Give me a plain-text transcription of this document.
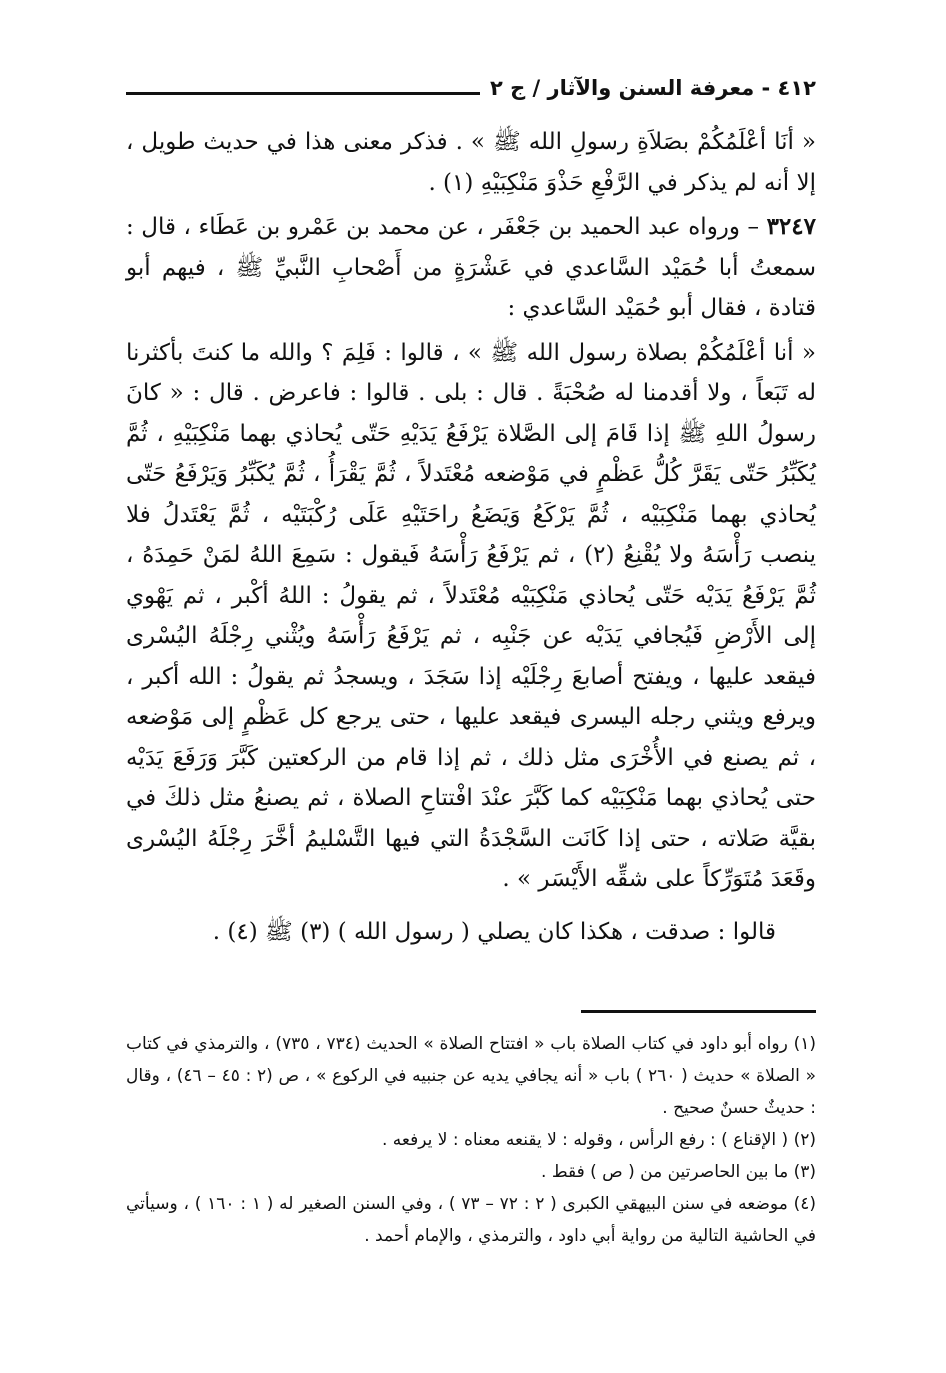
٤١٢ - معرفة السنن والآثار / ج ٢

« أنَا أعْلَمُكُمْ بصَلاَةِ رسولِ الله ﷺ » . فذكر معنى هذا في حديث طويل ، إلا أنه لم يذكر في الرَّفْعِ حَذْوَ مَنْكِبَيْهِ (١) .

٣٢٤٧ – ورواه عبد الحميد بن جَعْفَر ، عن محمد بن عَمْرو بن عَطَاء ، قال : سمعتُ أبا حُمَيْد السَّاعدي في عَشْرَةٍ من أَصْحابِ النَّبيِّ ﷺ ، فيهم أبو قتادة ، فقال أبو حُمَيْد السَّاعدي :

« أنا أعْلَمُكُمْ بصلاة رسول الله ﷺ » ، قالوا : فَلِمَ ؟ والله ما كنتَ بأكثرنا له تَبَعاً ، ولا أقدمنا له صُحْبَةً . قال : بلى . قالوا : فاعرض . قال : « كانَ رسولُ اللهِ ﷺ إذا قَامَ إلى الصَّلاة يَرْفَعُ يَدَيْهِ حَتّى يُحاذي بهما مَنْكِبَيْهِ ، ثُمَّ يُكَبِّرُ حَتّى يَقَرَّ كُلُّ عَظْمٍ في مَوْضعه مُعْتَدلاً ، ثُمَّ يَقْرَأُ ، ثُمَّ يُكَبِّرُ وَيَرْفَعُ حَتّى يُحاذي بهما مَنْكِبَيْه ، ثُمَّ يَرْكَعُ وَيَضَعُ راحَتَيْهِ عَلَى رُكْبَتَيْه ، ثُمَّ يَعْتَدلُ فلا ينصب رَأْسَهُ ولا يُقْنِعُ (٢) ، ثم يَرْفَعُ رَأْسَهُ فَيقول : سَمِعَ اللهُ لمَنْ حَمِدَهُ ، ثُمَّ يَرْفَعُ يَدَيْه حَتّى يُحاذي مَنْكِبَيْه مُعْتَدلاً ، ثم يقولُ : اللهُ أكْبر ، ثم يَهْوي إلى الأَرْضِ فَيُجافي يَدَيْه عن جَنْبِه ، ثم يَرْفَعُ رَأْسَهُ ويُثْني رِجْلَهُ اليُسْرى فيقعد عليها ، ويفتح أصابعَ رِجْلَيْه إذا سَجَدَ ، ويسجدُ ثم يقولُ : الله أكبر ، ويرفع ويثني رجله اليسرى فيقعد عليها ، حتى يرجع كل عَظْمٍ إلى مَوْضعه ، ثم يصنع في الأُخْرَى مثل ذلك ، ثم إذا قام من الركعتين كَبَّرَ وَرَفَعَ يَدَيْه حتى يُحاذي بهما مَنْكِبَيْه كما كَبَّرَ عنْدَ افْتتاحِ الصلاة ، ثم يصنعُ مثل ذلكَ في بقيَّة صَلاته ، حتى إذا كَانَت السَّجْدَةُ التي فيها التَّسْليمُ أخَّرَ رِجْلَهُ اليُسْرى وقَعَدَ مُتَوَرِّكاً على شقِّه الأَيْسَر » .

قالوا : صدقت ، هكذا كان يصلي ( رسول الله ) (٣) ﷺ (٤) .

(١) رواه أبو داود في كتاب الصلاة باب « افتتاح الصلاة » الحديث (٧٣٤ ، ٧٣٥) ، والترمذي في كتاب « الصلاة » حديث ( ٢٦٠ ) باب « أنه يجافي يديه عن جنبيه في الركوع » ، ص (٢ : ٤٥ – ٤٦) ، وقال : حديثٌ حسنٌ صحيح .

(٢) ( الإقناع ) : رفع الرأس ، وقوله : لا يقنعه معناه : لا يرفعه .

(٣) ما بين الحاصرتين من ( ص ) فقط .

(٤) موضعه في سنن البيهقي الكبرى ( ٢ : ٧٢ – ٧٣ ) ، وفي السنن الصغير له ( ١ : ١٦٠ ) ، وسيأتي في الحاشية التالية من رواية أبي داود ، والترمذي ، والإمام أحمد .
